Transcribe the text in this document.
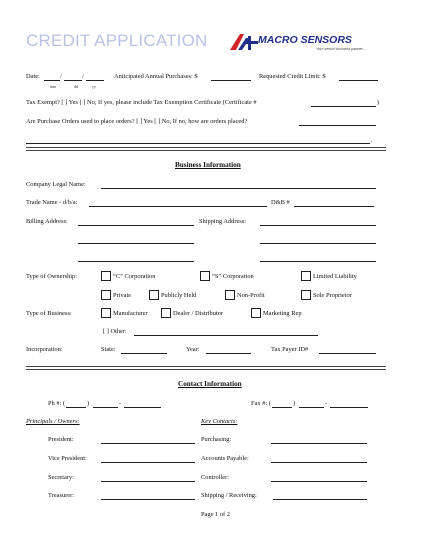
CREDIT APPLICATION	MACRO SENSORS
Your sensor business partner...
Date:	/	/
mm	dd	yy
Anticipated Annual Purchases: $	Requested Credit Limit: $
Tax Exempt? [ ] Yes [ ] No, If yes, please include Tax Exemption Certificate (Certificate #	)
Are Purchase Orders used to place orders? [ ] Yes [ ] No, If no, how are orders placed?
.
Business Information
Company Legal Name:
Trade Name - d/b/a:	D&B #
Billing Address:	Shipping Address:
Type of Ownership:	“C” Corporation	“S” Corporation	Limited Liability
Private	Publicly Held	Non-Profit	Sole Proprietor
Type of Business:	Manufacturer	Dealer / Distributor	Marketing Rep
[ ] Other:
Incorporation:	State:	Year:	Tax Payer ID#
Contact Information
Ph #: (	)	-	Fax #: (	)	-
Principals / Owners:	Key Contacts:
President:	Purchasing:
Vice President:	Accounts Payable:
Secretary:	Controller:
Treasurer:	Shipping / Receiving:
Page 1 of 2
